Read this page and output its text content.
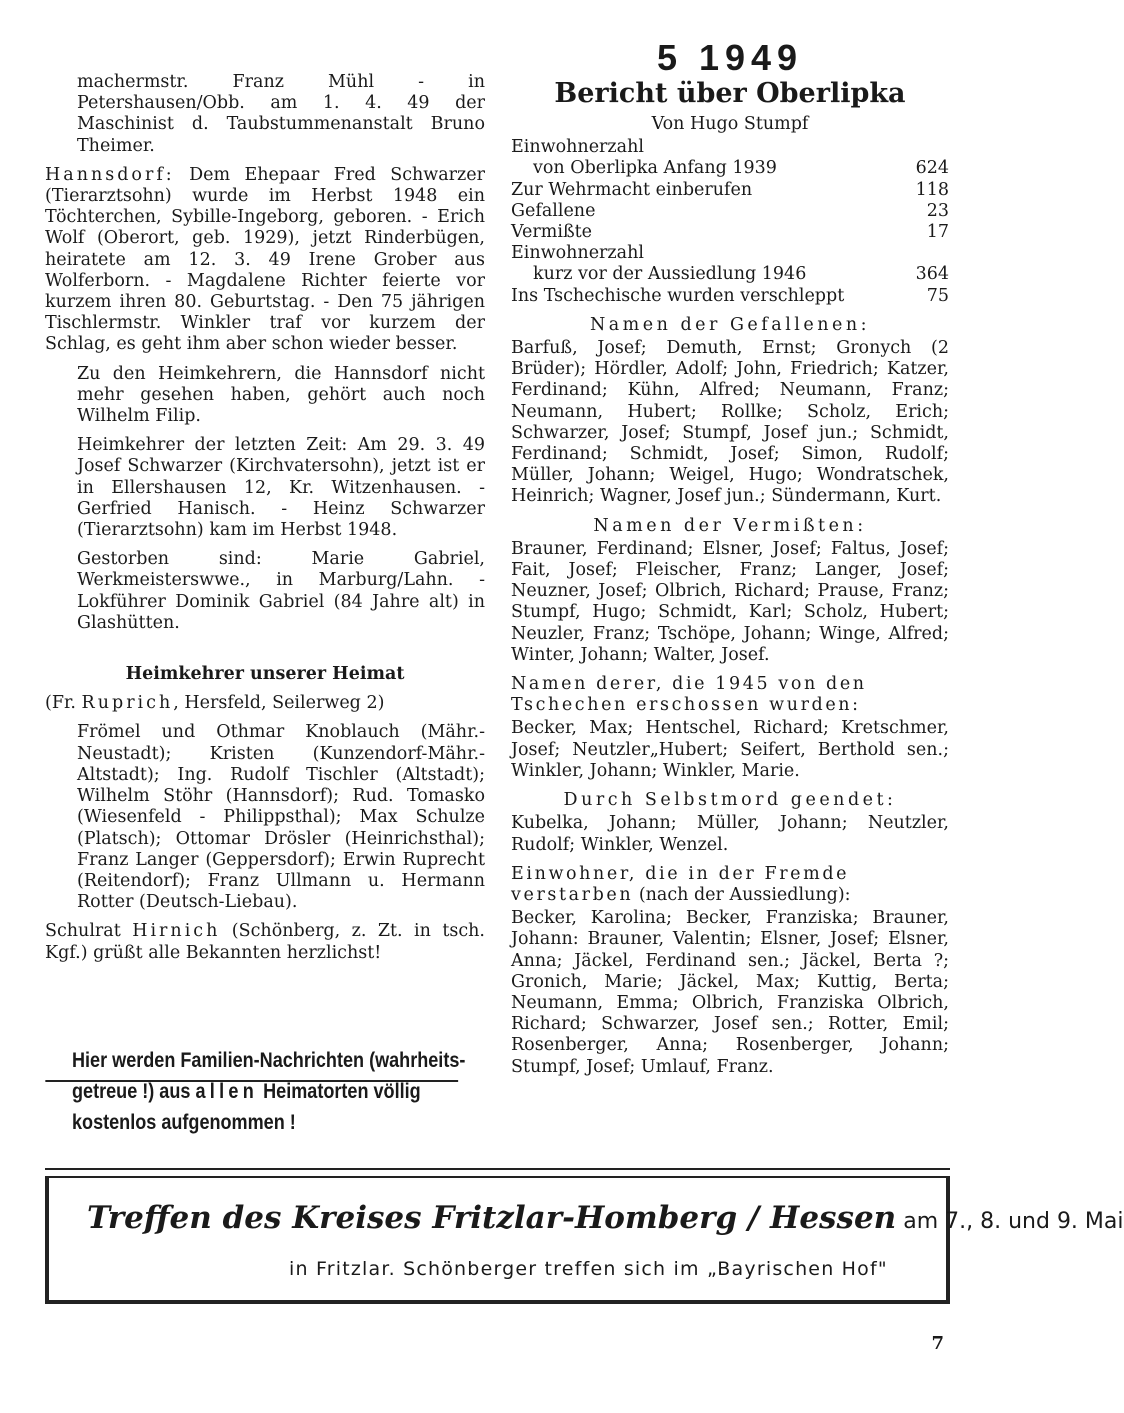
machermstr. Franz Mühl - in Petershausen/Obb. am 1. 4. 49 der Maschinist d. Taubstummenanstalt Bruno Theimer.

Hannsdorf: Dem Ehepaar Fred Schwarzer (Tierarztsohn) wurde im Herbst 1948 ein Töchterchen, Sybille-Ingeborg, geboren. - Erich Wolf (Oberort, geb. 1929), jetzt Rinderbügen, heiratete am 12. 3. 49 Irene Grober aus Wolferborn. - Magdalene Richter feierte vor kurzem ihren 80. Geburtstag. - Den 75 jährigen Tischlermstr. Winkler traf vor kurzem der Schlag, es geht ihm aber schon wieder besser.

Zu den Heimkehrern, die Hannsdorf nicht mehr gesehen haben, gehört auch noch Wilhelm Filip.

Heimkehrer der letzten Zeit: Am 29. 3. 49 Josef Schwarzer (Kirchvatersohn), jetzt ist er in Ellershausen 12, Kr. Witzenhausen. - Gerfried Hanisch. - Heinz Schwarzer (Tierarztsohn) kam im Herbst 1948.

Gestorben sind: Marie Gabriel, Werkmeisterswwe., in Marburg/Lahn. - Lokführer Dominik Gabriel (84 Jahre alt) in Glashütten.

Heimkehrer unserer Heimat

(Fr. Ruprich, Hersfeld, Seilerweg 2)

Frömel und Othmar Knoblauch (Mähr.-Neustadt); Kristen (Kunzendorf-Mähr.-Altstadt); Ing. Rudolf Tischler (Altstadt); Wilhelm Stöhr (Hannsdorf); Rud. Tomasko (Wiesenfeld - Philippsthal); Max Schulze (Platsch); Ottomar Drösler (Heinrichsthal); Franz Langer (Geppersdorf); Erwin Ruprecht (Reitendorf); Franz Ullmann u. Hermann Rotter (Deutsch-Liebau).

Schulrat Hirnich (Schönberg, z. Zt. in tsch. Kgf.) grüßt alle Bekannten herzlichst!

Hier werden Familien-Nachrichten (wahrheits-
getreue !) aus allen Heimatorten völlig
kostenlos aufgenommen !
5 1949
Bericht über Oberlipka
Von Hugo Stumpf
Einwohnerzahl
von Oberlipka Anfang 1939	624
Zur Wehrmacht einberufen	118
Gefallene	23
Vermißte	17
Einwohnerzahl
kurz vor der Aussiedlung 1946	364
Ins Tschechische wurden verschleppt	75
Namen der Gefallenen:

Barfuß, Josef; Demuth, Ernst; Gronych (2 Brüder); Hördler, Adolf; John, Friedrich; Katzer, Ferdinand; Kühn, Alfred; Neumann, Franz; Neumann, Hubert; Rollke; Scholz, Erich; Schwarzer, Josef; Stumpf, Josef jun.; Schmidt, Ferdinand; Schmidt, Josef; Simon, Rudolf; Müller, Johann; Weigel, Hugo; Wondratschek, Heinrich; Wagner, Josef jun.; Sündermann, Kurt.

Namen der Vermißten:

Brauner, Ferdinand; Elsner, Josef; Faltus, Josef; Fait, Josef; Fleischer, Franz; Langer, Josef; Neuzner, Josef; Olbrich, Richard; Prause, Franz; Stumpf, Hugo; Schmidt, Karl; Scholz, Hubert; Neuzler, Franz; Tschöpe, Johann; Winge, Alfred; Winter, Johann; Walter, Josef.

Namen derer, die 1945 von den Tschechen erschossen wurden:

Becker, Max; Hentschel, Richard; Kretschmer, Josef; Neutzler„Hubert; Seifert, Berthold sen.; Winkler, Johann; Winkler, Marie.

Durch Selbstmord geendet:

Kubelka, Johann; Müller, Johann; Neutzler, Rudolf; Winkler, Wenzel.

Einwohner, die in der Fremde
verstarben (nach der Aussiedlung):

Becker, Karolina; Becker, Franziska; Brauner, Johann: Brauner, Valentin; Elsner, Josef; Elsner, Anna; Jäckel, Ferdinand sen.; Jäckel, Berta ?; Gronich, Marie; Jäckel, Max; Kuttig, Berta; Neumann, Emma; Olbrich, Franziska Olbrich, Richard; Schwarzer, Josef sen.; Rotter, Emil; Rosenberger, Anna; Rosenberger, Johann; Stumpf, Josef; Umlauf, Franz.

Treffen des Kreises Fritzlar-Homberg / Hessen am 7., 8. und 9. Mai
in Fritzlar. Schönberger treffen sich im „Bayrischen Hof"
7
